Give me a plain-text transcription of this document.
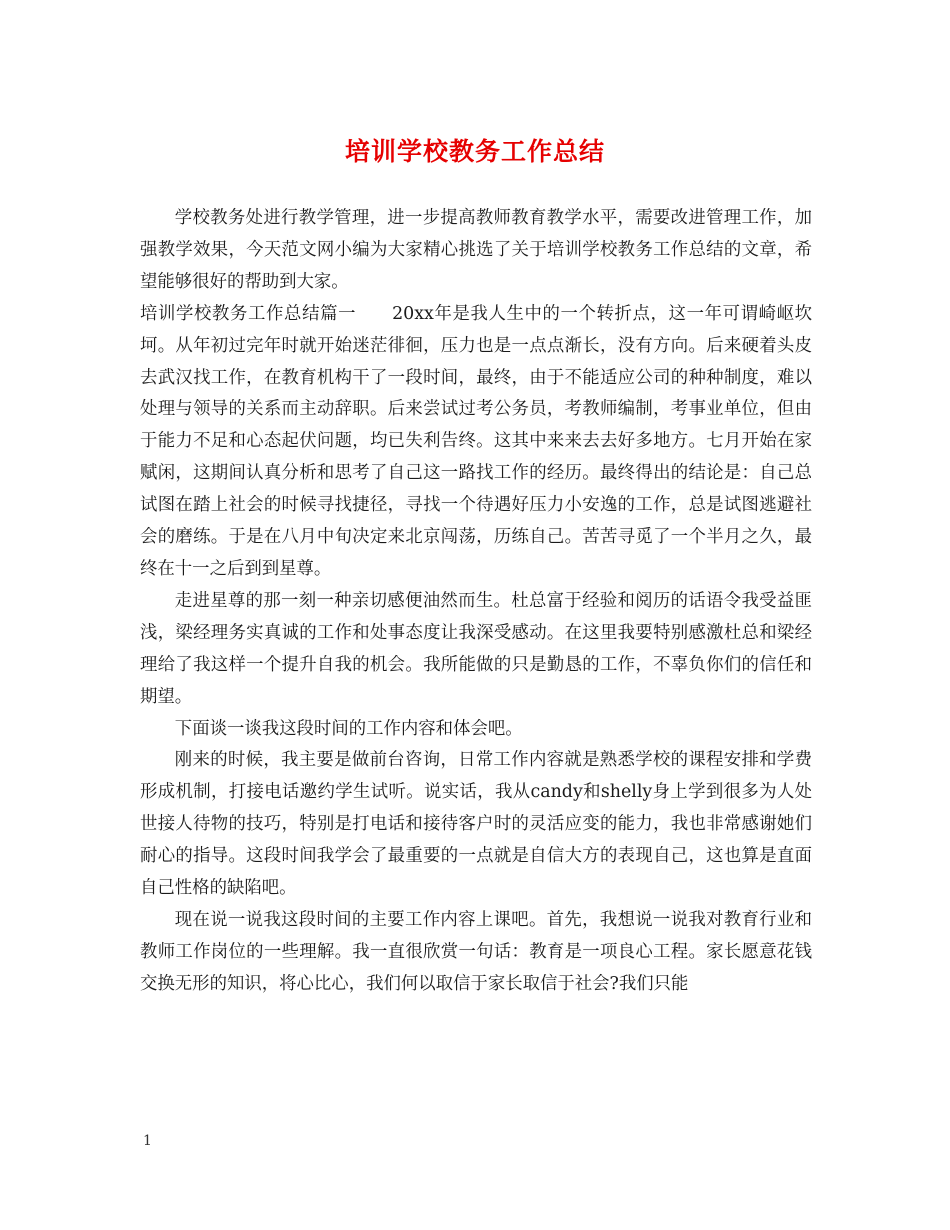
培训学校教务工作总结

学校教务处进行教学管理，进一步提高教师教育教学水平，需要改进管理工作，加强教学效果，今天范文网小编为大家精心挑选了关于培训学校教务工作总结的文章，希望能够很好的帮助到大家。

培训学校教务工作总结篇一　　20xx年是我人生中的一个转折点，这一年可谓崎岖坎坷。从年初过完年时就开始迷茫徘徊，压力也是一点点渐长，没有方向。后来硬着头皮去武汉找工作，在教育机构干了一段时间，最终，由于不能适应公司的种种制度，难以处理与领导的关系而主动辞职。后来尝试过考公务员，考教师编制，考事业单位，但由于能力不足和心态起伏问题，均已失利告终。这其中来来去去好多地方。七月开始在家赋闲，这期间认真分析和思考了自己这一路找工作的经历。最终得出的结论是：自己总试图在踏上社会的时候寻找捷径，寻找一个待遇好压力小安逸的工作，总是试图逃避社会的磨练。于是在八月中旬决定来北京闯荡，历练自己。苦苦寻觅了一个半月之久，最终在十一之后到到星尊。

走进星尊的那一刻一种亲切感便油然而生。杜总富于经验和阅历的话语令我受益匪浅，梁经理务实真诚的工作和处事态度让我深受感动。在这里我要特别感激杜总和梁经理给了我这样一个提升自我的机会。我所能做的只是勤恳的工作，不辜负你们的信任和期望。

下面谈一谈我这段时间的工作内容和体会吧。

刚来的时候，我主要是做前台咨询，日常工作内容就是熟悉学校的课程安排和学费形成机制，打接电话邀约学生试听。说实话，我从candy和shelly身上学到很多为人处世接人待物的技巧，特别是打电话和接待客户时的灵活应变的能力，我也非常感谢她们耐心的指导。这段时间我学会了最重要的一点就是自信大方的表现自己，这也算是直面自己性格的缺陷吧。

现在说一说我这段时间的主要工作内容上课吧。首先，我想说一说我对教育行业和教师工作岗位的一些理解。我一直很欣赏一句话：教育是一项良心工程。家长愿意花钱交换无形的知识，将心比心，我们何以取信于家长取信于社会?我们只能

1
